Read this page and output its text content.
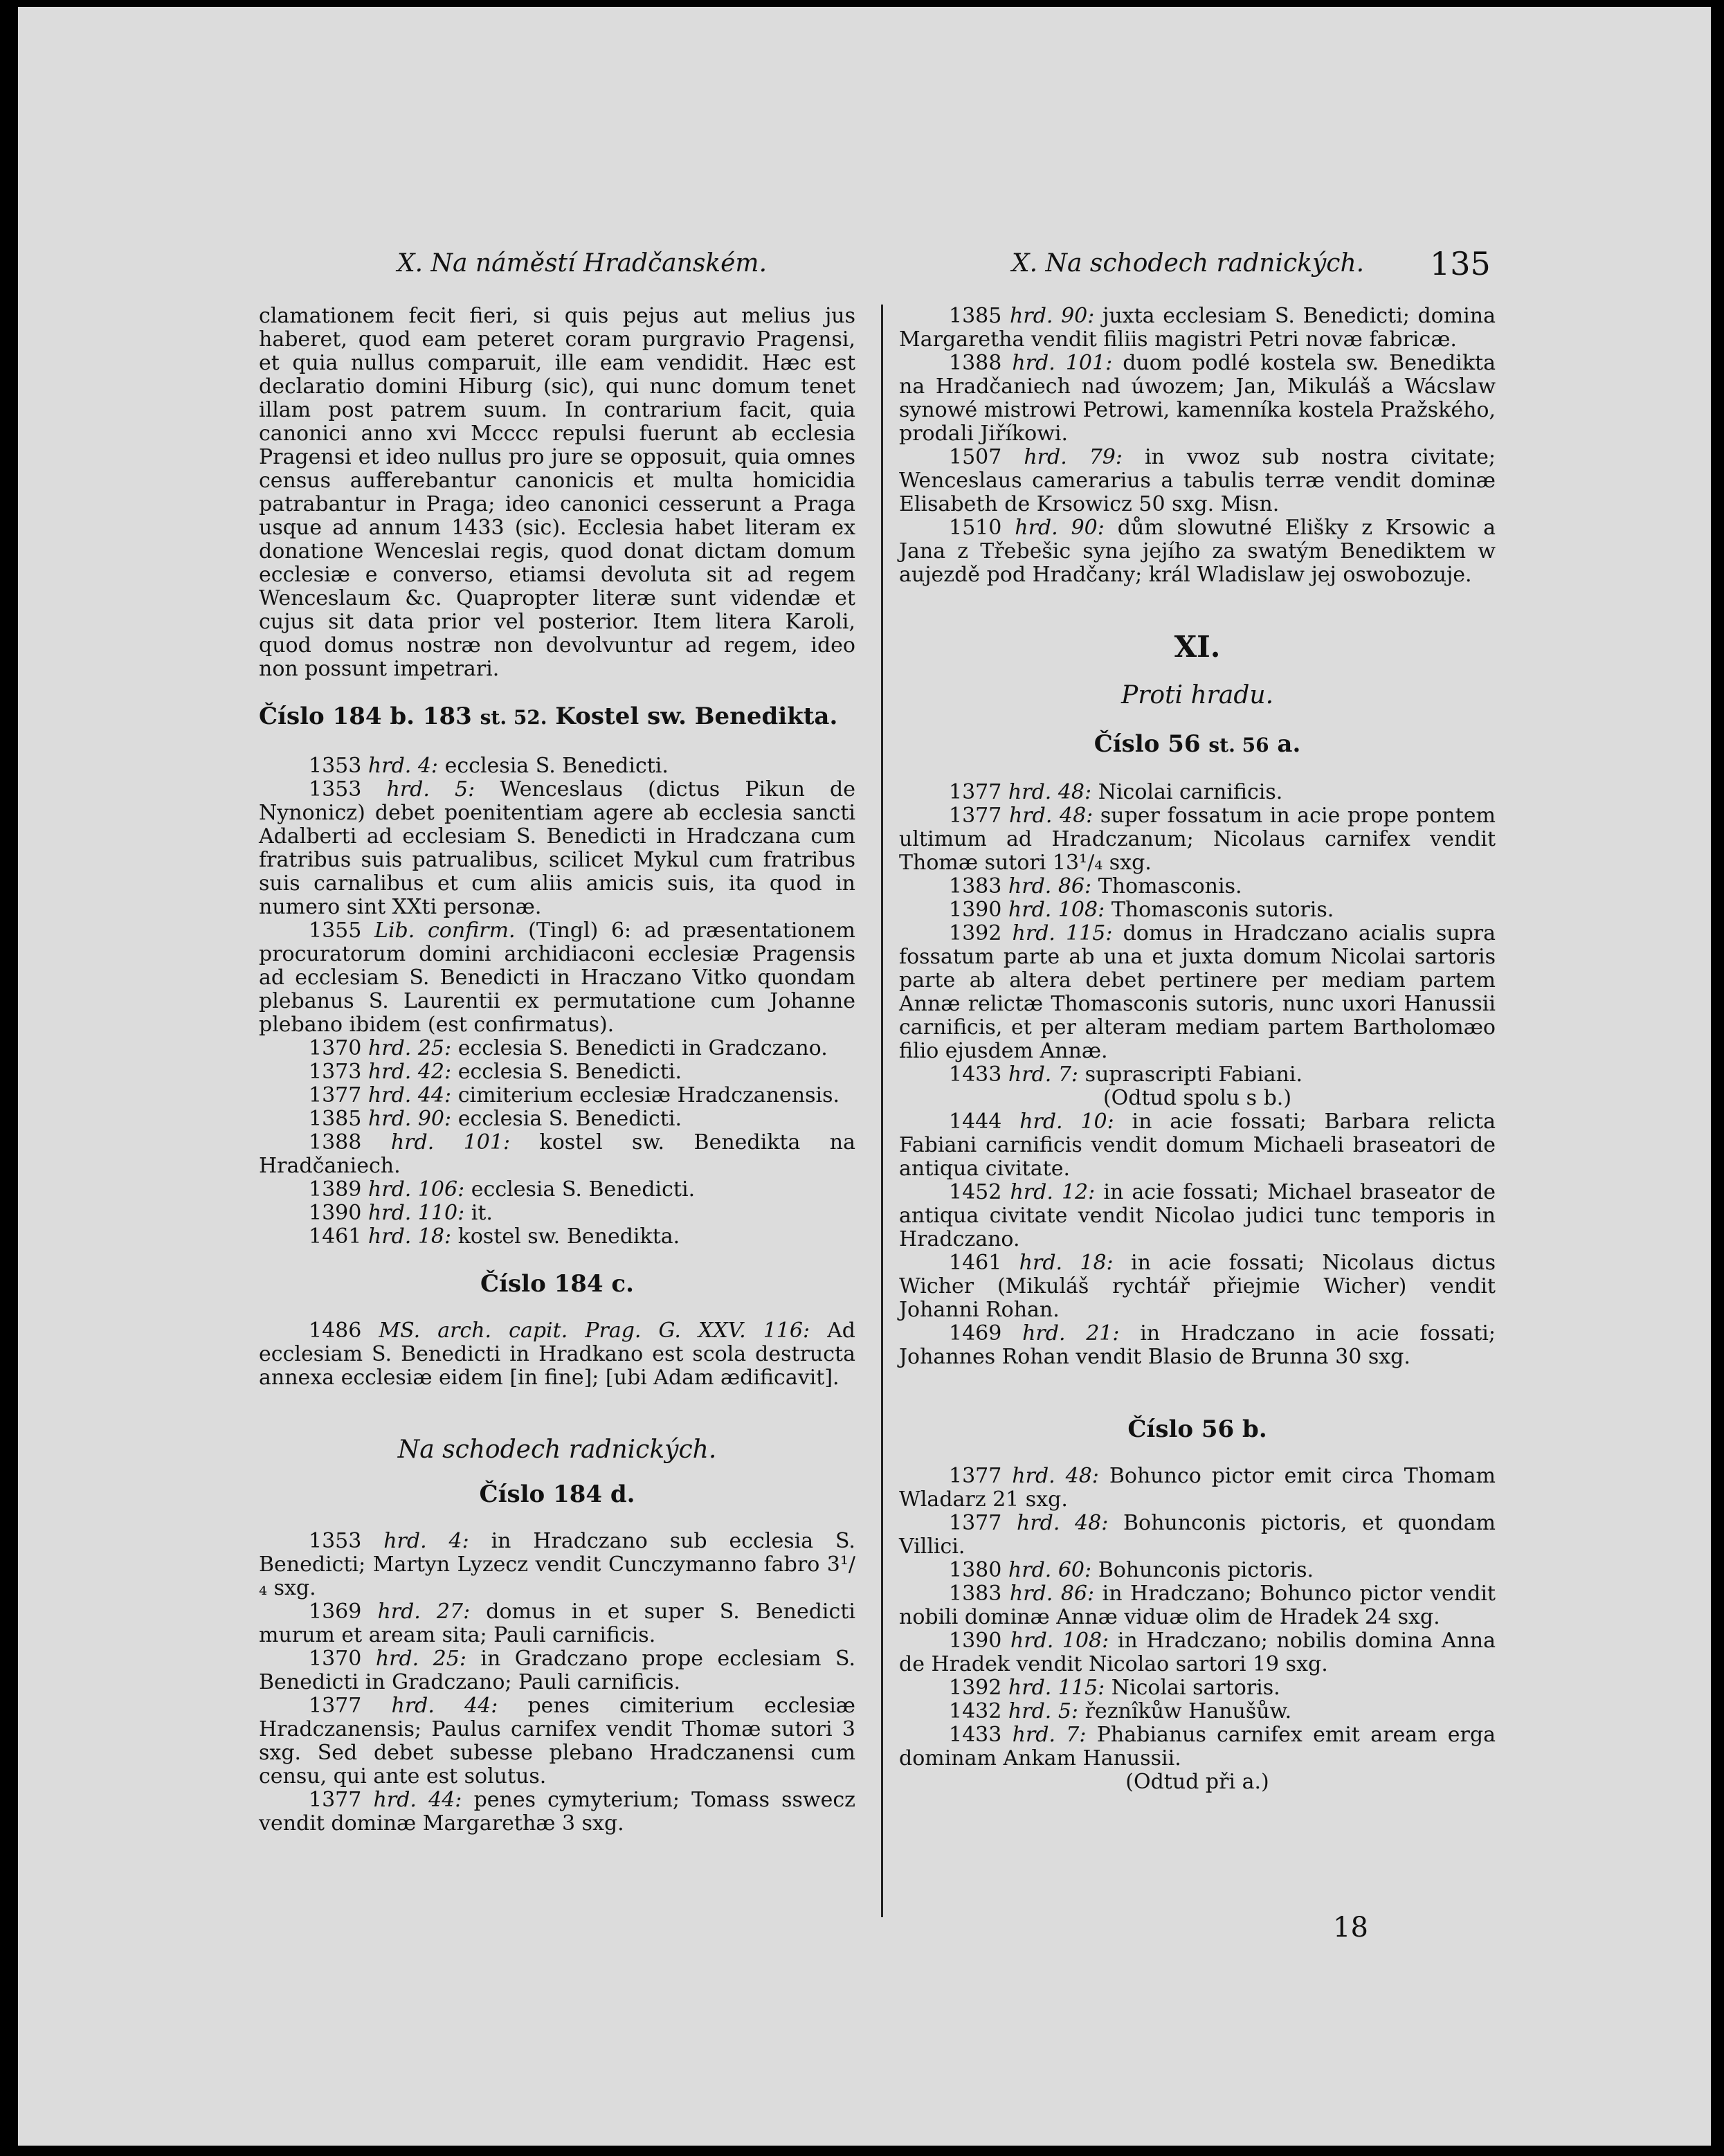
X. Na náměstí Hradčanském.	X. Na schodech radnických. 135

clamationem fecit fieri, si quis pejus aut melius jus haberet, quod eam peteret coram purgravio Pragensi, et quia nullus comparuit, ille eam vendidit. Hæc est declaratio domini Hiburg (sic), qui nunc domum tenet illam post patrem suum. In contrarium facit, quia canonici anno xvi Mcccc repulsi fuerunt ab ecclesia Pragensi et ideo nullus pro jure se opposuit, quia omnes census aufferebantur canonicis et multa homicidia patrabantur in Praga; ideo canonici cesserunt a Praga usque ad annum 1433 (sic). Ecclesia habet literam ex donatione Wenceslai regis, quod donat dictam domum ecclesiæ e converso, etiamsi devoluta sit ad regem Wenceslaum &c. Quapropter literæ sunt videndæ et cujus sit data prior vel posterior. Item litera Karoli, quod domus nostræ non devolvuntur ad regem, ideo non possunt impetrari.

Číslo 184 b. 183 st. 52. Kostel sw. Benedikta.

1353 hrd. 4: ecclesia S. Benedicti.

1353 hrd. 5: Wenceslaus (dictus Pikun de Nynonicz) debet poenitentiam agere ab ecclesia sancti Adalberti ad ecclesiam S. Benedicti in Hradczana cum fratribus suis patrualibus, scilicet Mykul cum fratribus suis carnalibus et cum aliis amicis suis, ita quod in numero sint XXti personæ.

1355 Lib. confirm. (Tingl) 6: ad præsentationem procuratorum domini archidiaconi ecclesiæ Pragensis ad ecclesiam S. Benedicti in Hraczano Vitko quondam plebanus S. Laurentii ex permutatione cum Johanne plebano ibidem (est confirmatus).

1370 hrd. 25: ecclesia S. Benedicti in Gradczano.

1373 hrd. 42: ecclesia S. Benedicti.

1377 hrd. 44: cimiterium ecclesiæ Hradczanensis.

1385 hrd. 90: ecclesia S. Benedicti.

1388 hrd. 101: kostel sw. Benedikta na Hradčaniech.

1389 hrd. 106: ecclesia S. Benedicti.

1390 hrd. 110: it.

1461 hrd. 18: kostel sw. Benedikta.

Číslo 184 c.

1486 MS. arch. capit. Prag. G. XXV. 116: Ad ecclesiam S. Benedicti in Hradkano est scola destructa annexa ecclesiæ eidem [in fine]; [ubi Adam ædificavit].

Na schodech radnických.
Číslo 184 d.

1353 hrd. 4: in Hradczano sub ecclesia S. Benedicti; Martyn Lyzecz vendit Cunczymanno fabro 3¹/₄ sxg.

1369 hrd. 27: domus in et super S. Benedicti murum et aream sita; Pauli carnificis.

1370 hrd. 25: in Gradczano prope ecclesiam S. Benedicti in Gradczano; Pauli carnificis.

1377 hrd. 44: penes cimiterium ecclesiæ Hradczanensis; Paulus carnifex vendit Thomæ sutori 3 sxg. Sed debet subesse plebano Hradczanensi cum censu, qui ante est solutus.

1377 hrd. 44: penes cymyterium; Tomass sswecz vendit dominæ Margarethæ 3 sxg.

1385 hrd. 90: juxta ecclesiam S. Benedicti; domina Margaretha vendit filiis magistri Petri novæ fabricæ.

1388 hrd. 101: duom podlé kostela sw. Benedikta na Hradčaniech nad úwozem; Jan, Mikuláš a Wácslaw synowé mistrowi Petrowi, kamenníka kostela Pražského, prodali Jiříkowi.

1507 hrd. 79: in vwoz sub nostra civitate; Wenceslaus camerarius a tabulis terræ vendit dominæ Elisabeth de Krsowicz 50 sxg. Misn.

1510 hrd. 90: dům slowutné Elišky z Krsowic a Jana z Třebešic syna jejího za swatým Benediktem w aujezdě pod Hradčany; král Wladislaw jej oswobozuje.

XI.
Proti hradu.
Číslo 56 st. 56 a.

1377 hrd. 48: Nicolai carnificis.

1377 hrd. 48: super fossatum in acie prope pontem ultimum ad Hradczanum; Nicolaus carnifex vendit Thomæ sutori 13¹/₄ sxg.

1383 hrd. 86: Thomasconis.

1390 hrd. 108: Thomasconis sutoris.

1392 hrd. 115: domus in Hradczano acialis supra fossatum parte ab una et juxta domum Nicolai sartoris parte ab altera debet pertinere per mediam partem Annæ relictæ Thomasconis sutoris, nunc uxori Hanussii carnificis, et per alteram mediam partem Bartholomæo filio ejusdem Annæ.

1433 hrd. 7: suprascripti Fabiani.

(Odtud spolu s b.)

1444 hrd. 10: in acie fossati; Barbara relicta Fabiani carnificis vendit domum Michaeli braseatori de antiqua civitate.

1452 hrd. 12: in acie fossati; Michael braseator de antiqua civitate vendit Nicolao judici tunc temporis in Hradczano.

1461 hrd. 18: in acie fossati; Nicolaus dictus Wicher (Mikuláš rychtář přiejmie Wicher) vendit Johanni Rohan.

1469 hrd. 21: in Hradczano in acie fossati; Johannes Rohan vendit Blasio de Brunna 30 sxg.

Číslo 56 b.

1377 hrd. 48: Bohunco pictor emit circa Thomam Wladarz 21 sxg.

1377 hrd. 48: Bohunconis pictoris, et quondam Villici.

1380 hrd. 60: Bohunconis pictoris.

1383 hrd. 86: in Hradczano; Bohunco pictor vendit nobili dominæ Annæ viduæ olim de Hradek 24 sxg.

1390 hrd. 108: in Hradczano; nobilis domina Anna de Hradek vendit Nicolao sartori 19 sxg.

1392 hrd. 115: Nicolai sartoris.

1432 hrd. 5: řeznîkůw Hanušůw.

1433 hrd. 7: Phabianus carnifex emit aream erga dominam Ankam Hanussii.

(Odtud při a.)

18
